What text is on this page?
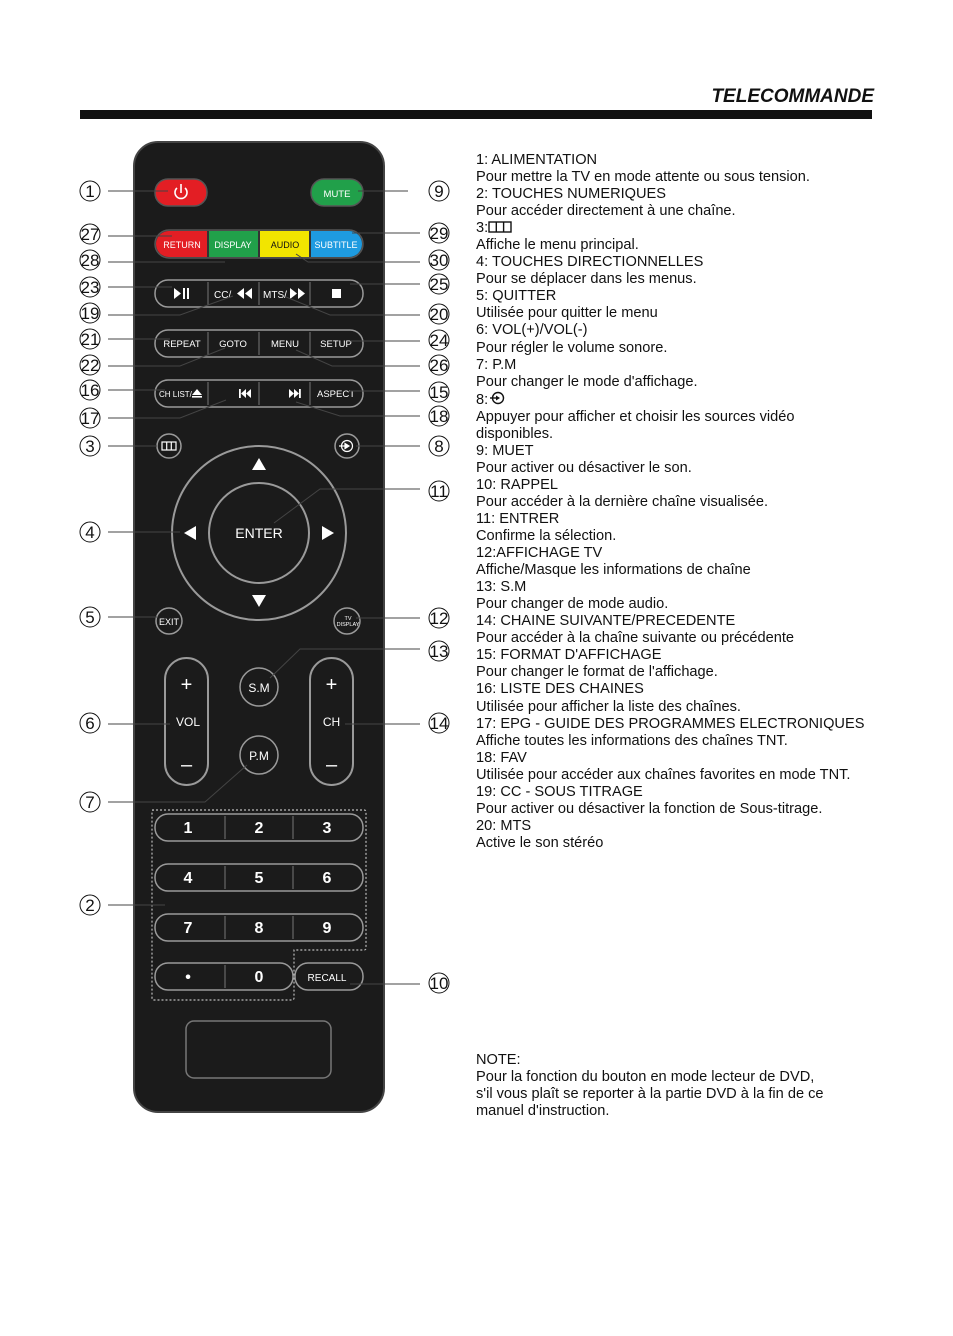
TELECOMMANDE
MUTE
RETURN DISPLAY AUDIO SUBTITLE
CC/	MTS/
REPEAT GOTO	MENU SETUP
CH LIST/	ASPECT
ENTER
EXIT	TV
DISPLAY
+
VOL
–
+
CH
–
S.M
P.M
1	2	3
4	5	6
7	8	9
•	0	RECALL
1
27
28
23
19
21
22
16
17
3
4
5
6
7
2
9
29
30
25
20
24
26
15
18
8
11
12
13
14
10
1: ALIMENTATION
Pour mettre la TV en mode attente ou sous tension.
2: TOUCHES NUMERIQUES
Pour accéder directement à une chaîne.
3:
Affiche le menu principal.
4: TOUCHES DIRECTIONNELLES
Pour se déplacer dans les menus.
5: QUITTER
Utilisée pour quitter le menu
6: VOL(+)/VOL(-)
Pour régler le volume sonore.
7: P.M
Pour changer le mode d'affichage.
8:
Appuyer pour afficher et choisir les sources vidéo
disponibles.
9: MUET
Pour activer ou désactiver le son.
10: RAPPEL
Pour accéder à la dernière chaîne visualisée.
11: ENTRER
Confirme la sélection.
12:AFFICHAGE TV
Affiche/Masque les informations de chaîne
13: S.M
Pour changer de mode audio.
14: CHAINE SUIVANTE/PRECEDENTE
Pour accéder à la chaîne suivante ou précédente
15: FORMAT D'AFFICHAGE
Pour changer le format de l'affichage.
16: LISTE DES CHAINES
Utilisée pour afficher la liste des chaînes.
17: EPG - GUIDE DES PROGRAMMES ELECTRONIQUES
Affiche toutes les informations des chaînes TNT.
18: FAV
Utilisée pour accéder aux chaînes favorites en mode TNT.
19: CC - SOUS TITRAGE
Pour activer ou désactiver la fonction de Sous-titrage.
20: MTS
Active le son stéréo
NOTE:
Pour la fonction du bouton en mode lecteur de DVD,
s'il vous plaît se reporter à la partie DVD à la fin de ce
manuel d'instruction.
